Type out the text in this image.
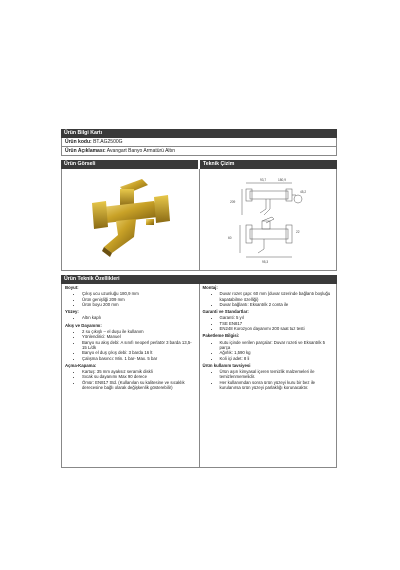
Ürün Bilgi Kartı
Ürün kodu: BT.AG2500G
Ürün Açıklaması: Avangart Banyo Armatürü Altın
Ürün Görseli	Teknik Çizim
93,7
209
180,9
45,2
60
22
95,3
Ürün Teknik Özellikleri
Boyut:
• Çıkış ucu uzunluğu 180,9 mm
• Ürün genişliği 209 mm
• Ürün boyu 200 mm
Yüzey:
• Altın kaplı
Akış ve Dayanımı:
• 2 su çıkışlı – el duşu ile kullanım
• Yönlendirici: Manuel
• Banyo su akış debi: A sınıfı neoperl perlatör 3 barda 13,5-15 L/dk
• Banyo el duş çıkış debi: 3 barda 16 lt
• Çalışma basıncı: Min. 1 bar- Max. 5 bar
Açma-Kapama:
• Kartuş: 35 mm ayaksız seramik diskli
• Sıcak su dayanımı Max 90 derece
• Ömür: EN817 Std. (Kullanılan su kalitesine ve sıcaklık derecesine bağlı olarak değişkenlik gösterebilir)
Montaj:
• Duvar rozet çapı: 60 mm (duvar üzerinde bağlantı boşluğu kapatabilme özelliği)
• Duvar bağlantı: Eksantrik 2 conta ile
Garanti ve Standartlar:
• Garanti: 5 yıl
• TSE EN817
• EN248 Korozyon dayanımı 200 saat tuz testi
Paketleme Bilgisi:
• Kutu içinde verilen parçalar: Duvar rozeti ve Eksantrik 5 parça
• Ağırlık: 1,590 kg
• Koli içi adet: 8 li
Ürün kullanım tavsiyesi
• Ürün aşırı kimyasal içeren temizlik malzemeleri ile temizlenmemelidir.
• Her kullanımdan sonra ürün yüzeyi kuru bir bez ile kurulanırsa ürün yüzeyi parlaklığı korunacaktır.
